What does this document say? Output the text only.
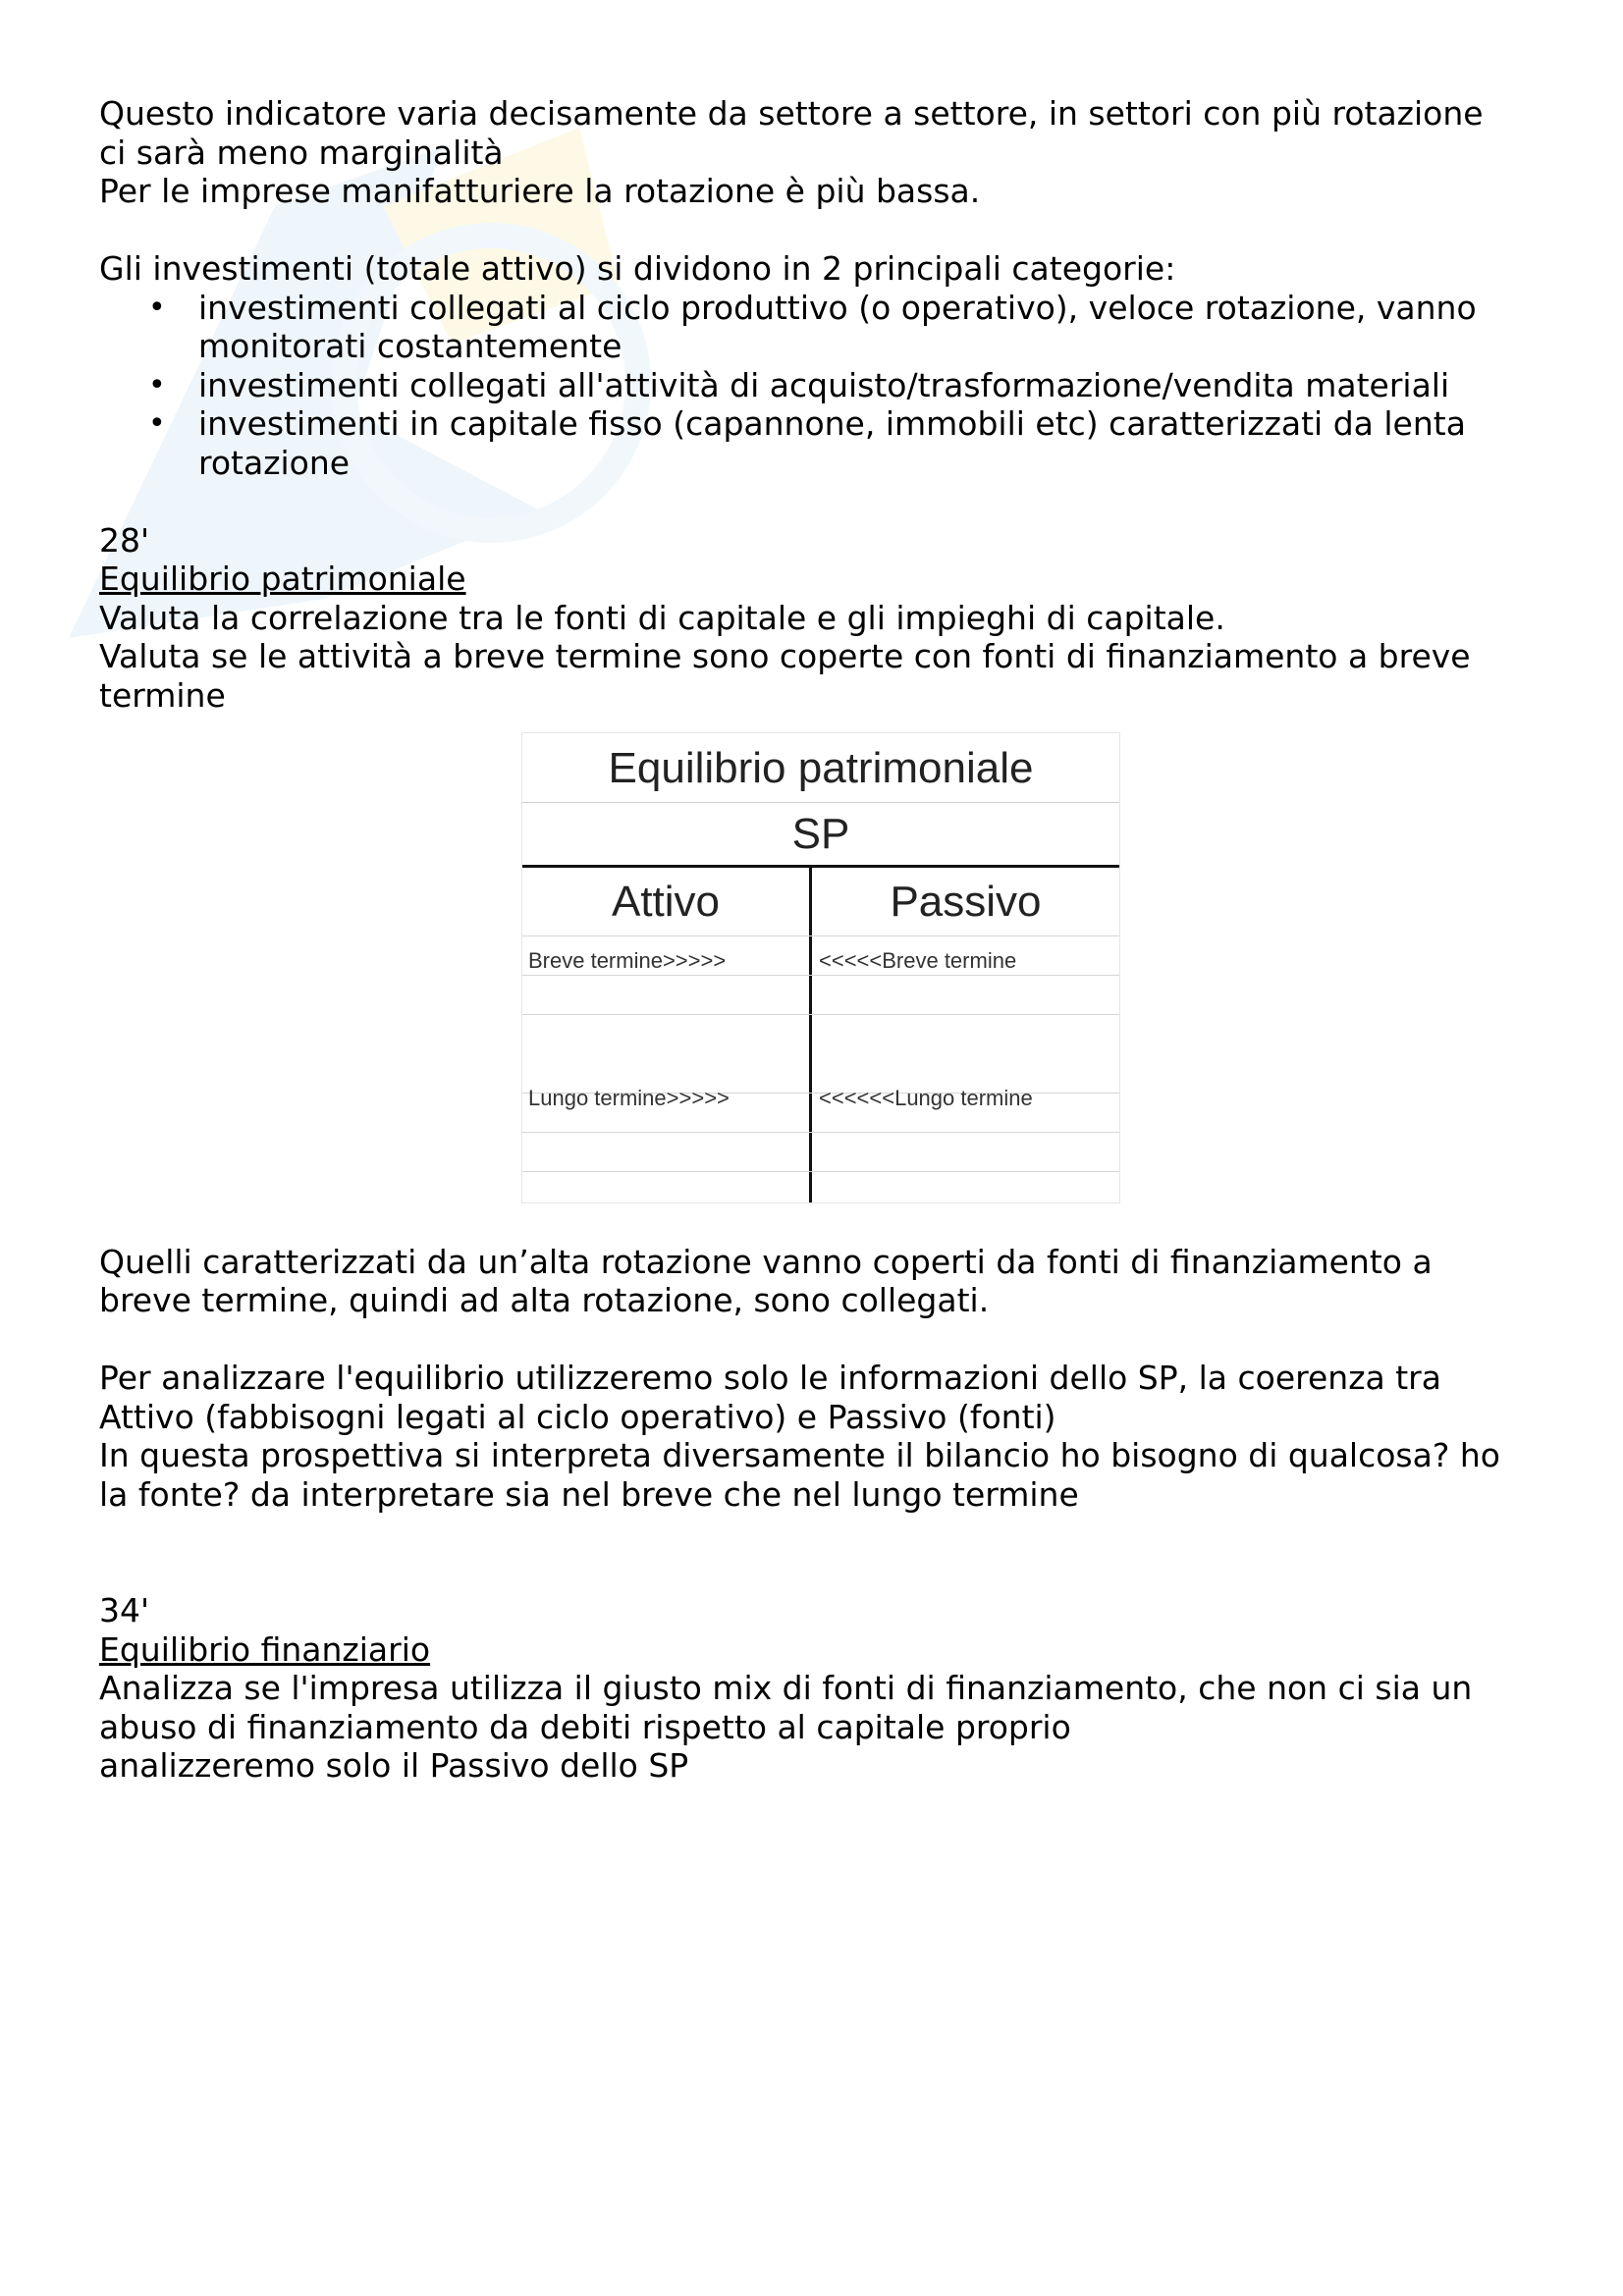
Questo indicatore varia decisamente da settore a settore, in settori con più rotazione

ci sarà meno marginalità

Per le imprese manifatturiere la rotazione è più bassa.

Gli investimenti (totale attivo) si dividono in 2 principali categorie:

• investimenti collegati al ciclo produttivo (o operativo), veloce rotazione, vanno
monitorati costantemente
• investimenti collegati all'attività di acquisto/trasformazione/vendita materiali
• investimenti in capitale fisso (capannone, immobili etc) caratterizzati da lenta
rotazione

28'

Equilibrio patrimoniale

Valuta la correlazione tra le fonti di capitale e gli impieghi di capitale.

Valuta se le attività a breve termine sono coperte con fonti di finanziamento a breve

termine

Equilibrio patrimoniale
SP
Attivo	Passivo
Breve termine>>>>>	<<<<<Breve termine
Lungo termine>>>>>	<<<<<<Lungo termine

Quelli caratterizzati da un’alta rotazione vanno coperti da fonti di finanziamento a

breve termine, quindi ad alta rotazione, sono collegati.

Per analizzare l'equilibrio utilizzeremo solo le informazioni dello SP, la coerenza tra

Attivo (fabbisogni legati al ciclo operativo) e Passivo (fonti)

In questa prospettiva si interpreta diversamente il bilancio ho bisogno di qualcosa? ho

la fonte? da interpretare sia nel breve che nel lungo termine

34'

Equilibrio finanziario

Analizza se l'impresa utilizza il giusto mix di fonti di finanziamento, che non ci sia un

abuso di finanziamento da debiti rispetto al capitale proprio

analizzeremo solo il Passivo dello SP
